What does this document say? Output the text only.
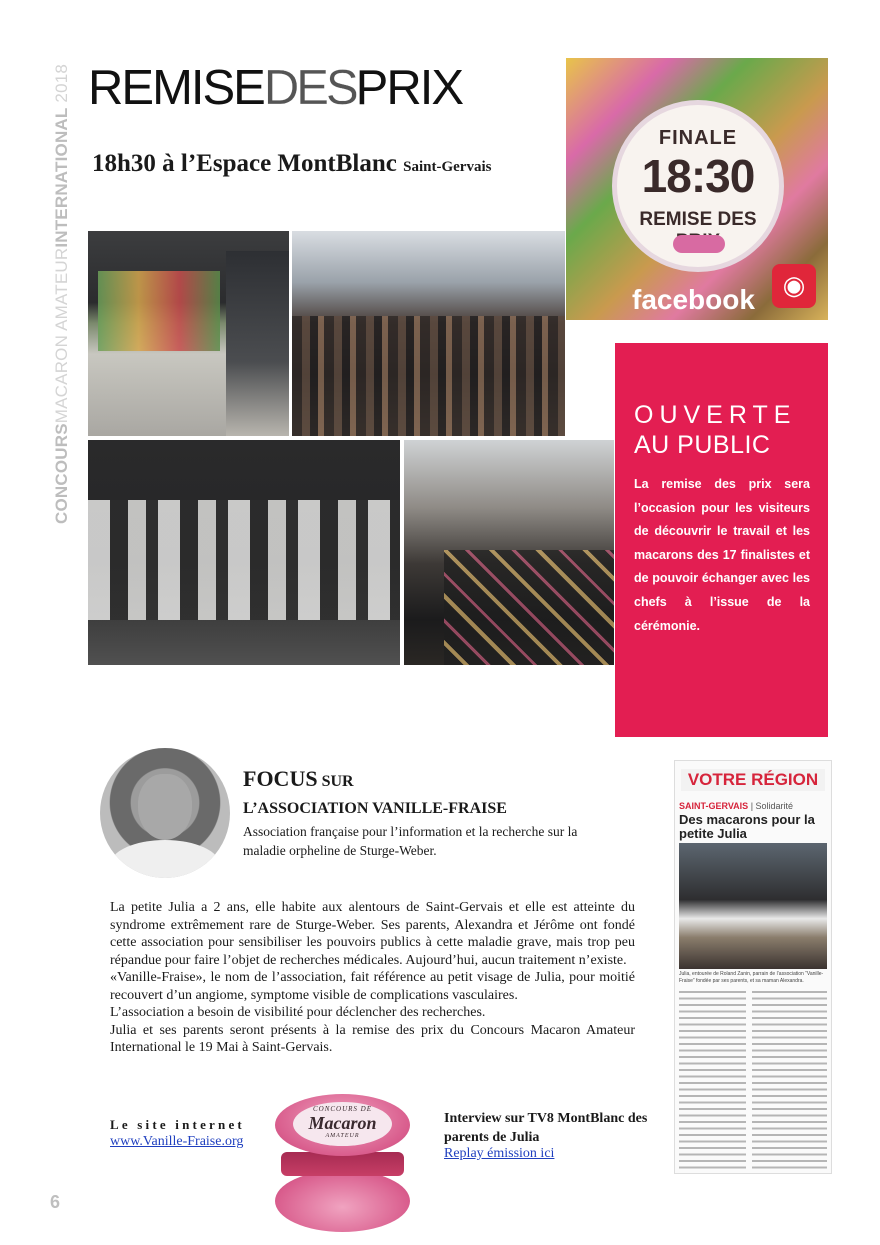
CONCOURSMACARON AMATEURINTERNATIONAL 2018 REMISEDESPRIX
18h30 à l’Espace MontBlanc Saint-Gervais
FINALE
18:30
REMISE DES
facebook	◉
OUVERTE
AU PUBLIC
La remise des prix sera l’occasion pour les visiteurs de découvrir le travail et les macarons des 17 finalistes et de pouvoir échanger avec les chefs à l’issue de la cérémonie.
FOCUS SUR
L’ASSOCIATION VANILLE-FRAISE
Association française pour l’information et la recherche sur la maladie orpheline de Sturge-Weber.

La petite Julia a 2 ans, elle habite aux alentours de Saint-Gervais et elle est atteinte du syndrome extrêmement rare de Sturge-Weber. Ses parents, Alexandra et Jérôme ont fondé cette association pour sensibiliser les pouvoirs publics à cette maladie grave, mais trop peu répandue pour faire l’objet de recherches médicales. Aujourd’hui, aucun traitement n’existe.

«Vanille-Fraise», le nom de l’association, fait référence au petit visage de Julia, pour moitié recouvert d’un angiome, symptome visible de complications vasculaires.

L’association a besoin de visibilité pour déclencher des recherches.

Julia et ses parents seront présents à la remise des prix du Concours Macaron Amateur International le 19 Mai à Saint-Gervais.

Le site internet
www.Vanille-Fraise.org
CONCOURS DE
Macaron
AMATEUR
Interview sur TV8 MontBlanc des parents de Julia
Replay émission ici
VOTRE RÉGION
SAINT-GERVAIS | Solidarité
Des macarons pour la petite Julia
Julia, entourée de Roland Zanin, parrain de l’association “Vanille-Fraise” fondée par ses parents, et sa maman Alexandra.
6
